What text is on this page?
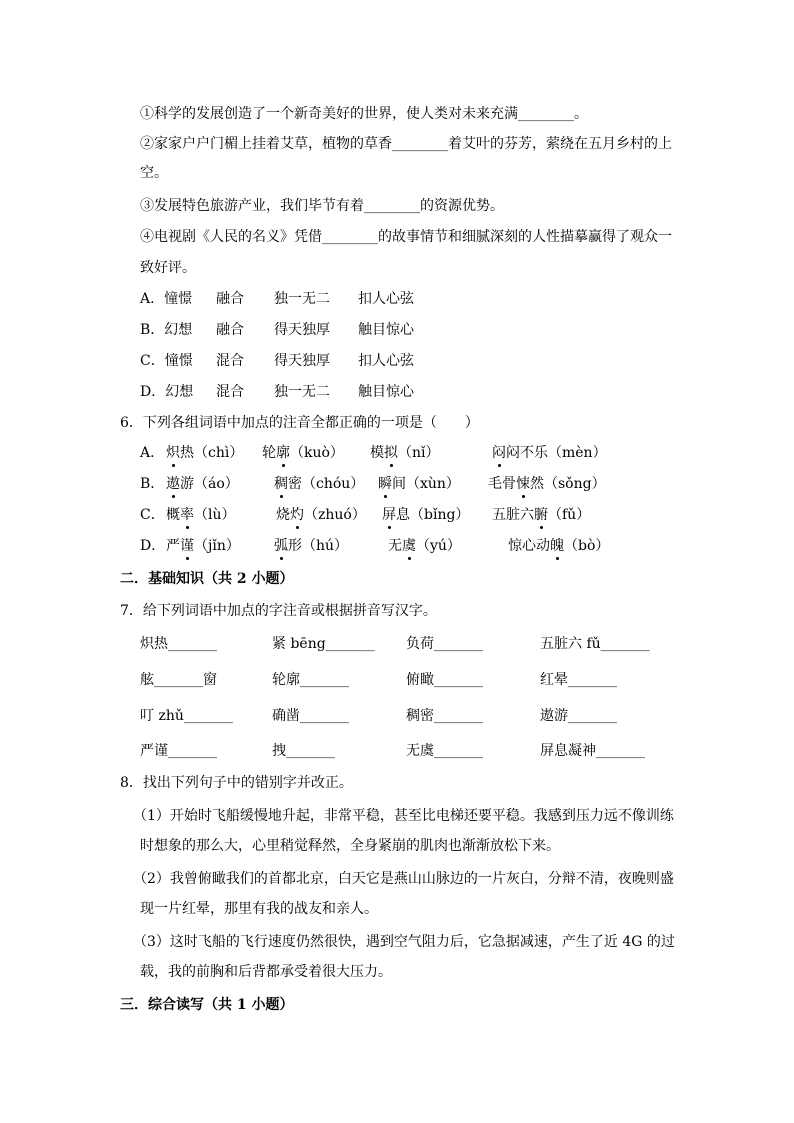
①科学的发展创造了一个新奇美好的世界，使人类对未来充满________。
②家家户户门楣上挂着艾草，植物的草香________着艾叶的芬芳，萦绕在五月乡村的上
空。
③发展特色旅游产业，我们毕节有着________的资源优势。
④电视剧《人民的名义》凭借________的故事情节和细腻深刻的人性描摹赢得了观众一
致好评。
A．憧憬 融合 独一无二 扣人心弦
B．幻想 融合 得天独厚 触目惊心
C．憧憬 混合 得天独厚 扣人心弦
D．幻想 混合 独一无二 触目惊心
6．下列各组词语中加点的注音全都正确的一项是（　　）
A． 炽热（chì） 轮廓（kuò） 模拟（nǐ）	闷闷不乐（mèn）
B． 遨游（áo）	稠密（chóu） 瞬间（xùn） 毛骨悚然（sǒng）
C． 概率（lù）	烧灼（zhuó） 屏息（bǐng） 五脏六腑（fǔ）
D． 严谨（jǐn） 弧形（hú）	无虞（yú）	惊心动魄（bò）
二．基础知识（共 2 小题）
7．给下列词语中加点的字注音或根据拼音写汉字。
炽热_______	紧 bēng_______ 负荷_______	五脏六 fǔ_______
舷_______窗	轮廓_______	俯瞰_______	红晕_______
叮 zhǔ_______	确凿_______	稠密_______	遨游_______
严谨_______	拽_______	无虞_______	屏息凝神_______
8．找出下列句子中的错别字并改正。
（1）开始时飞船缓慢地升起，非常平稳，甚至比电梯还要平稳。我感到压力远不像训练
时想象的那么大，心里稍觉释然，全身紧崩的肌肉也渐渐放松下来。
（2）我曾俯瞰我们的首都北京，白天它是燕山山脉边的一片灰白，分辩不清，夜晚则盛
现一片红晕，那里有我的战友和亲人。
（3）这时飞船的飞行速度仍然很快，遇到空气阻力后，它急据减速，产生了近 4G 的过
载，我的前胸和后背都承受着很大压力。
三．综合读写（共 1 小题）
